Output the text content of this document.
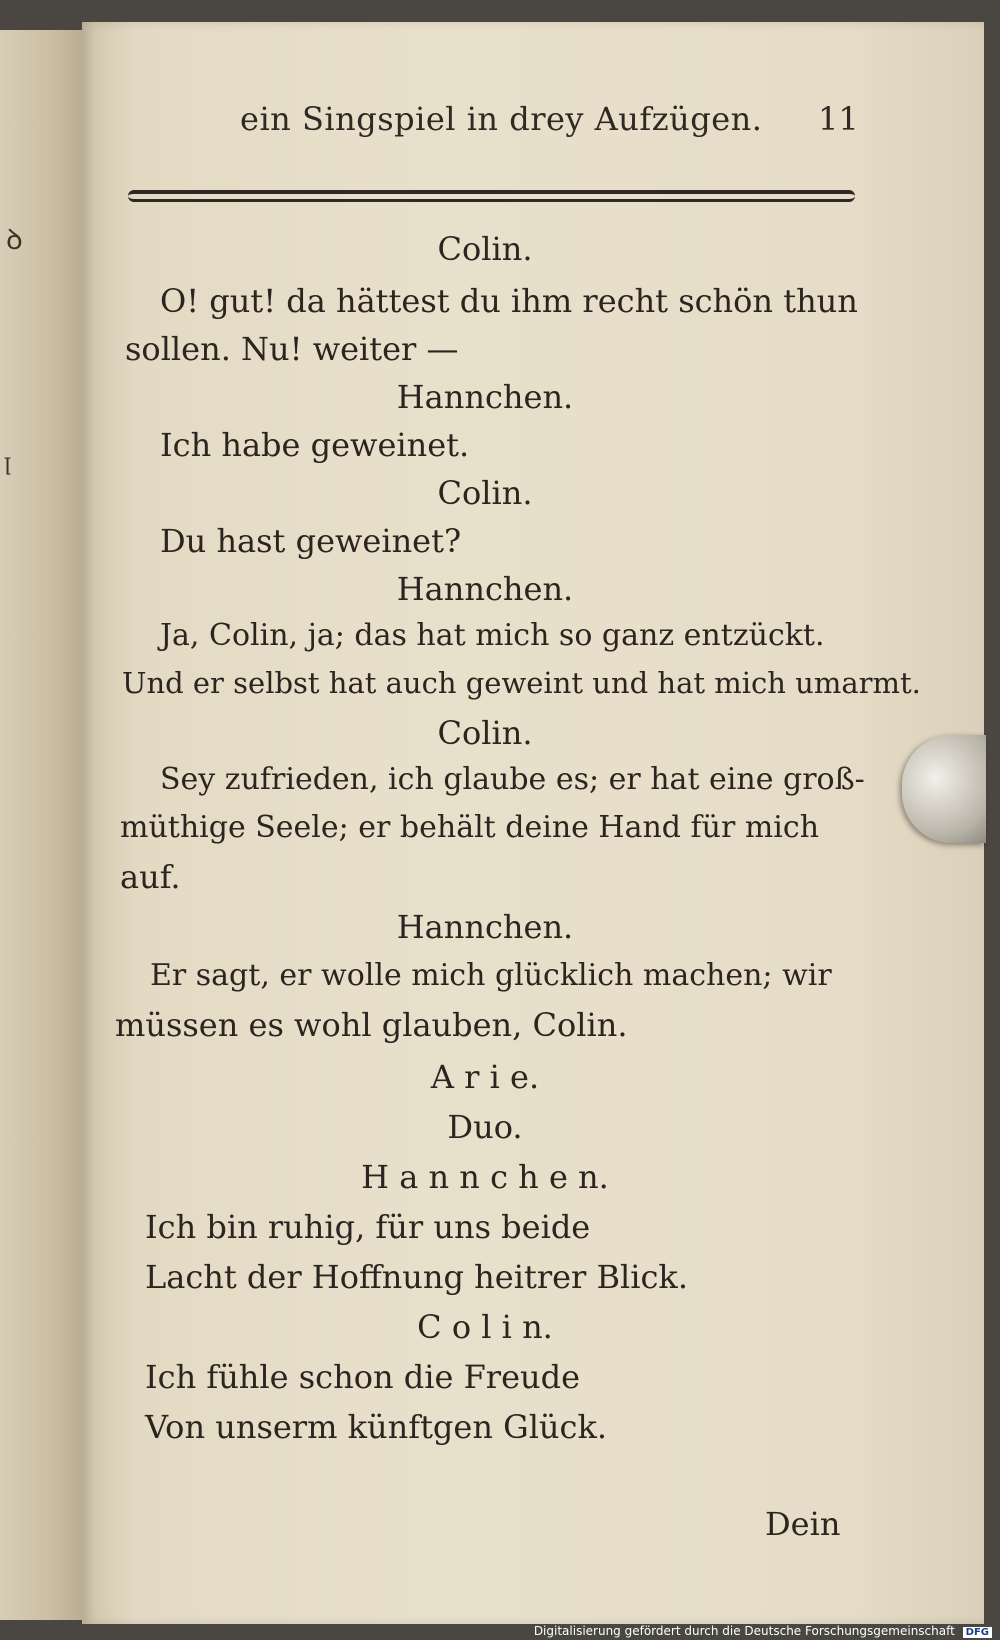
ꝺ
ꞁ
ein Singspiel in drey Aufzügen. 11
Colin.
O! gut! da hättest du ihm recht schön thun
sollen. Nu! weiter —
Hannchen.
Ich habe geweinet.
Colin.
Du hast geweinet?
Hannchen.
Ja, Colin, ja; das hat mich so ganz entzückt.
Und er selbst hat auch geweint und hat mich umarmt.
Colin.
Sey zufrieden, ich glaube es; er hat eine groß-
müthige Seele; er behält deine Hand für mich
auf.
Hannchen.
Er sagt, er wolle mich glücklich machen; wir
müssen es wohl glauben, Colin.
A r i e.
Duo.
H a n n c h e n.
Ich bin ruhig, für uns beide
Lacht der Hoffnung heitrer Blick.
C o l i n.
Ich fühle schon die Freude
Von unserm künftgen Glück.
Dein
Digitalisierung gefördert durch die Deutsche Forschungsgemeinschaft DFG
